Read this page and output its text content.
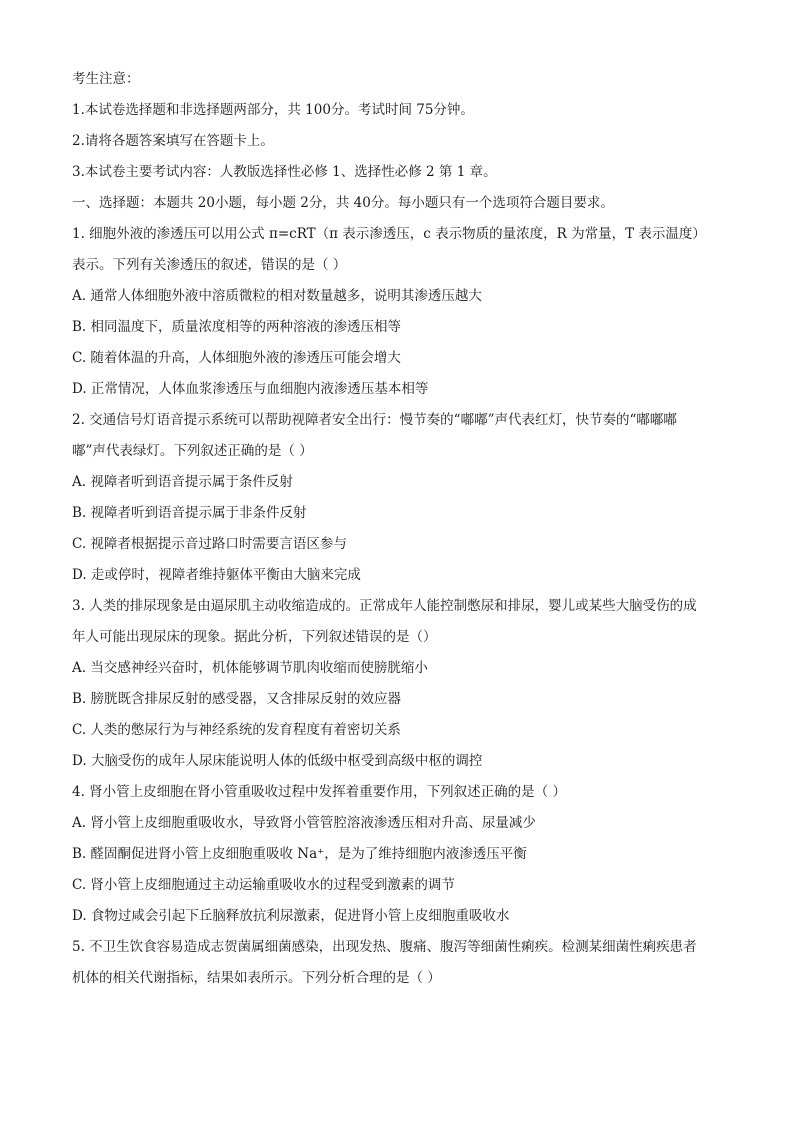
考生注意：
1.本试卷选择题和非选择题两部分，共 100分。考试时间 75分钟。
2.请将各题答案填写在答题卡上。
3.本试卷主要考试内容：人教版选择性必修 1、选择性必修 2 第 1 章。
一、选择题：本题共 20小题，每小题 2分，共 40分。每小题只有一个选项符合题目要求。
1. 细胞外液的渗透压可以用公式 π=cRT（π 表示渗透压，c 表示物质的量浓度，R 为常量，T 表示温度）
表示。下列有关渗透压的叙述，错误的是（ ）
A. 通常人体细胞外液中溶质微粒的相对数量越多，说明其渗透压越大
B. 相同温度下，质量浓度相等的两种溶液的渗透压相等
C. 随着体温的升高，人体细胞外液的渗透压可能会增大
D. 正常情况，人体血浆渗透压与血细胞内液渗透压基本相等
2. 交通信号灯语音提示系统可以帮助视障者安全出行：慢节奏的“嘟嘟”声代表红灯，快节奏的“嘟嘟嘟
嘟”声代表绿灯。下列叙述正确的是（ ）
A. 视障者听到语音提示属于条件反射
B. 视障者听到语音提示属于非条件反射
C. 视障者根据提示音过路口时需要言语区参与
D. 走或停时，视障者维持躯体平衡由大脑来完成
3. 人类的排尿现象是由逼尿肌主动收缩造成的。正常成年人能控制憋尿和排尿，婴儿或某些大脑受伤的成
年人可能出现尿床的现象。据此分析，下列叙述错误的是（）
A. 当交感神经兴奋时，机体能够调节肌肉收缩而使膀胱缩小
B. 膀胱既含排尿反射的感受器，又含排尿反射的效应器
C. 人类的憋尿行为与神经系统的发育程度有着密切关系
D. 大脑受伤的成年人尿床能说明人体的低级中枢受到高级中枢的调控
4. 肾小管上皮细胞在肾小管重吸收过程中发挥着重要作用，下列叙述正确的是（ ）
A. 肾小管上皮细胞重吸收水，导致肾小管管腔溶液渗透压相对升高、尿量减少
B. 醛固酮促进肾小管上皮细胞重吸收 Na⁺，是为了维持细胞内液渗透压平衡
C. 肾小管上皮细胞通过主动运输重吸收水的过程受到激素的调节
D. 食物过咸会引起下丘脑释放抗利尿激素，促进肾小管上皮细胞重吸收水
5. 不卫生饮食容易造成志贺菌属细菌感染，出现发热、腹痛、腹泻等细菌性痢疾。检测某细菌性痢疾患者
机体的相关代谢指标，结果如表所示。下列分析合理的是（ ）
